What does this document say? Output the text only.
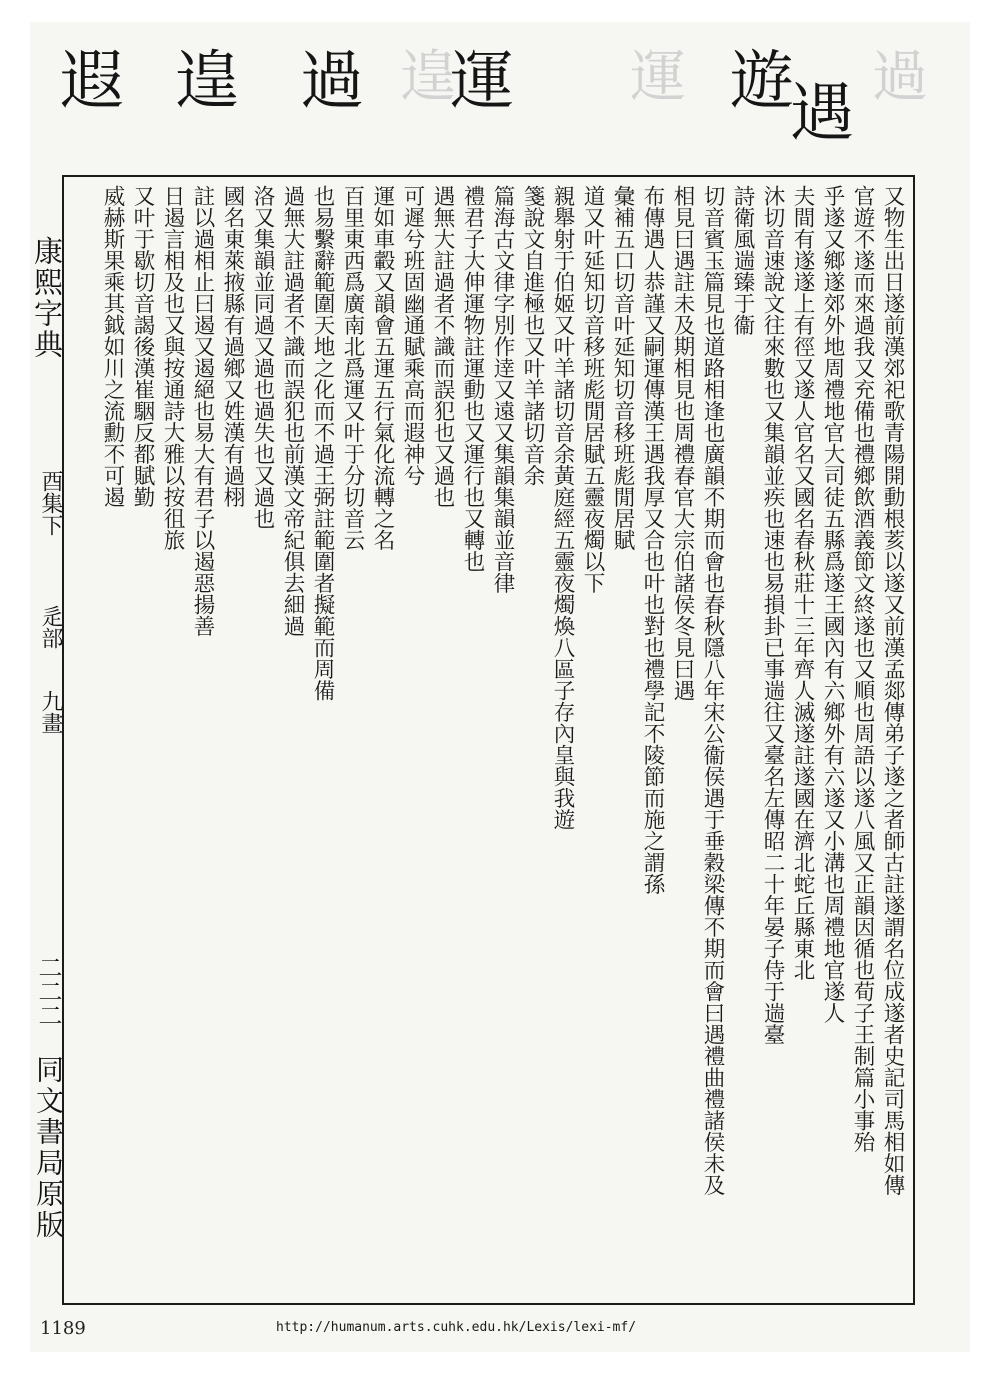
過
遊
遇
運
運
遑
過
遑
遐
康熙字典
酉集下
辵部
九畫
二二二
同文書局原版	又物生出日遂前漢郊祀歌青陽開動根荄以遂又前漢孟郯傳弟子遂之者師古註遂謂名位成遂者史記司馬相如傳
官遊不遂而來過我又充備也禮鄉飲酒義節文終遂也又順也周語以遂八風又正韻因循也荀子王制篇小事殆
乎遂又鄉遂郊外地周禮地官大司徒五縣爲遂王國內有六鄉外有六遂又小溝也周禮地官遂人
夫間有遂遂上有徑又遂人官名又國名春秋莊十三年齊人滅遂註遂國在濟北蛇丘縣東北
沐切音速說文往來數也又集韻並疾也速也易損卦已事遄往又臺名左傳昭二十年晏子侍于遄臺
詩衛風遄臻于衞
切音賓玉篇見也道路相逢也廣韻不期而會也春秋隱八年宋公衞侯遇于垂穀梁傳不期而會曰遇禮曲禮諸侯未及
相見曰遇註未及期相見也周禮春官大宗伯諸侯冬見曰遇
布傳遇人恭謹又嗣運傳漢王遇我厚又合也叶也對也禮學記不陵節而施之謂孫
彙補五口切音叶延知切音移班彪閒居賦
道又叶延知切音移班彪閒居賦五靈夜燭以下
親舉射于伯姬又叶羊諸切音余黃庭經五靈夜燭煥八區子存內皇與我遊
箋說文自進極也又叶羊諸切音余
篇海古文律字別作逹又遠又集韻集韻並音律
禮君子大伸運物註運動也又運行也又轉也
遇無大註過者不識而誤犯也又過也
可遲兮班固幽通賦乘高而遐神兮
運如車轂又韻會五運五行氣化流轉之名
百里東西爲廣南北爲運又叶于分切音云
也易繫辭範圍天地之化而不過王弼註範圍者擬範而周備
過無大註過者不識而誤犯也前漢文帝紀俱去細過
洛又集韻並同過又過也過失也又過也
國名東萊掖縣有過鄉又姓漢有過栩
註以過相止曰遏又遏絕也易大有君子以遏惡揚善
日遏言相及也又與按通詩大雅以按徂旅
又叶于歇切音謁後漢崔駰反都賦勤
威赫斯果乘其鉞如川之流勳不可遏
1189	http://humanum.arts.cuhk.edu.hk/Lexis/lexi-mf/
